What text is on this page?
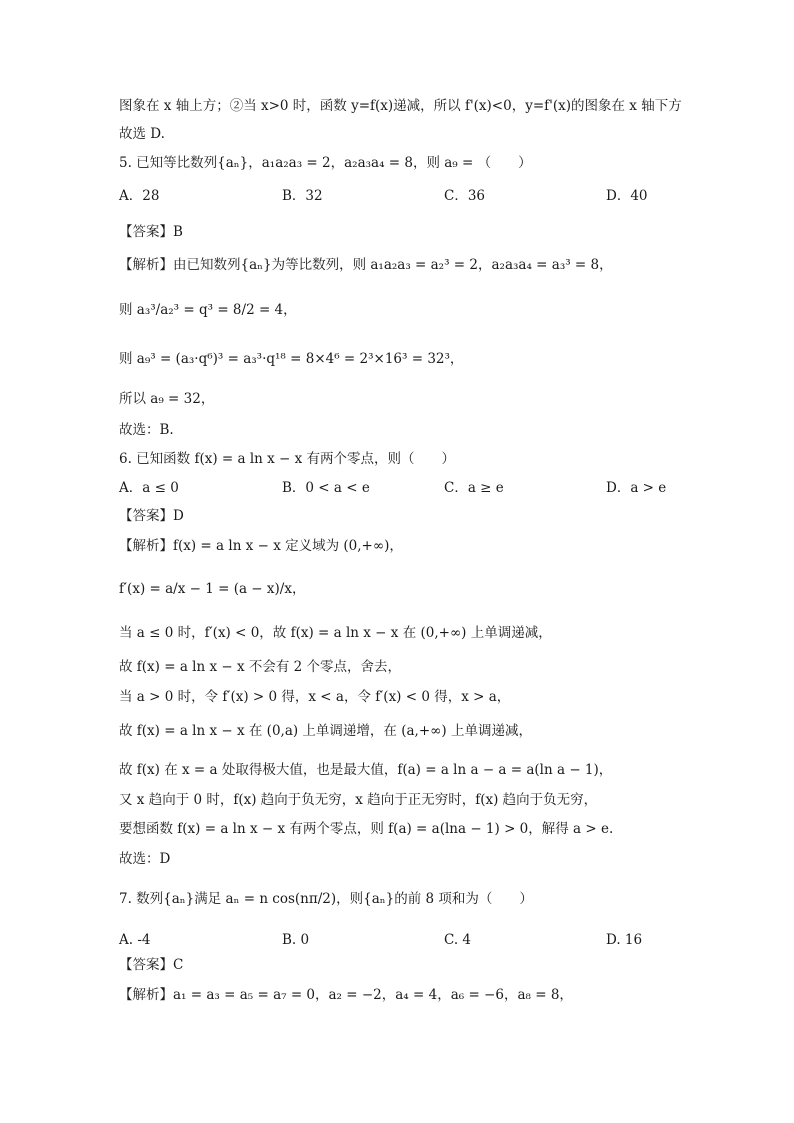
图象在 x 轴上方；②当 x>0 时，函数 y=f(x)递减，所以 f'(x)<0，y=f'(x)的图象在 x 轴下方
故选 D.
5. 已知等比数列{aₙ}，a₁a₂a₃ = 2，a₂a₃a₄ = 8，则 a₉ = （　　）
A．28	B．32	C．36	D．40
【答案】B
【解析】由已知数列{aₙ}为等比数列，则 a₁a₂a₃ = a₂³ = 2，a₂a₃a₄ = a₃³ = 8，
则 a₃³/a₂³ = q³ = 8/2 = 4，
则 a₉³ = (a₃·q⁶)³ = a₃³·q¹⁸ = 8×4⁶ = 2³×16³ = 32³，
所以 a₉ = 32，
故选：B.
6. 已知函数 f(x) = a ln x − x 有两个零点，则（　　）
A．a ≤ 0	B．0 < a < e	C．a ≥ e	D．a > e
【答案】D
【解析】f(x) = a ln x − x 定义域为 (0,+∞)，
f′(x) = a/x − 1 = (a − x)/x，
当 a ≤ 0 时，f′(x) < 0，故 f(x) = a ln x − x 在 (0,+∞) 上单调递减，
故 f(x) = a ln x − x 不会有 2 个零点，舍去，
当 a > 0 时，令 f′(x) > 0 得，x < a，令 f′(x) < 0 得，x > a，
故 f(x) = a ln x − x 在 (0,a) 上单调递增，在 (a,+∞) 上单调递减，
故 f(x) 在 x = a 处取得极大值，也是最大值，f(a) = a ln a − a = a(ln a − 1)，
又 x 趋向于 0 时，f(x) 趋向于负无穷，x 趋向于正无穷时，f(x) 趋向于负无穷，
要想函数 f(x) = a ln x − x 有两个零点，则 f(a) = a(lna − 1) > 0，解得 a > e.
故选：D
7. 数列{aₙ}满足 aₙ = n cos(nπ/2)，则{aₙ}的前 8 项和为（　　）
A. -4	B. 0	C. 4	D. 16
【答案】C
【解析】a₁ = a₃ = a₅ = a₇ = 0，a₂ = −2，a₄ = 4，a₆ = −6，a₈ = 8，
